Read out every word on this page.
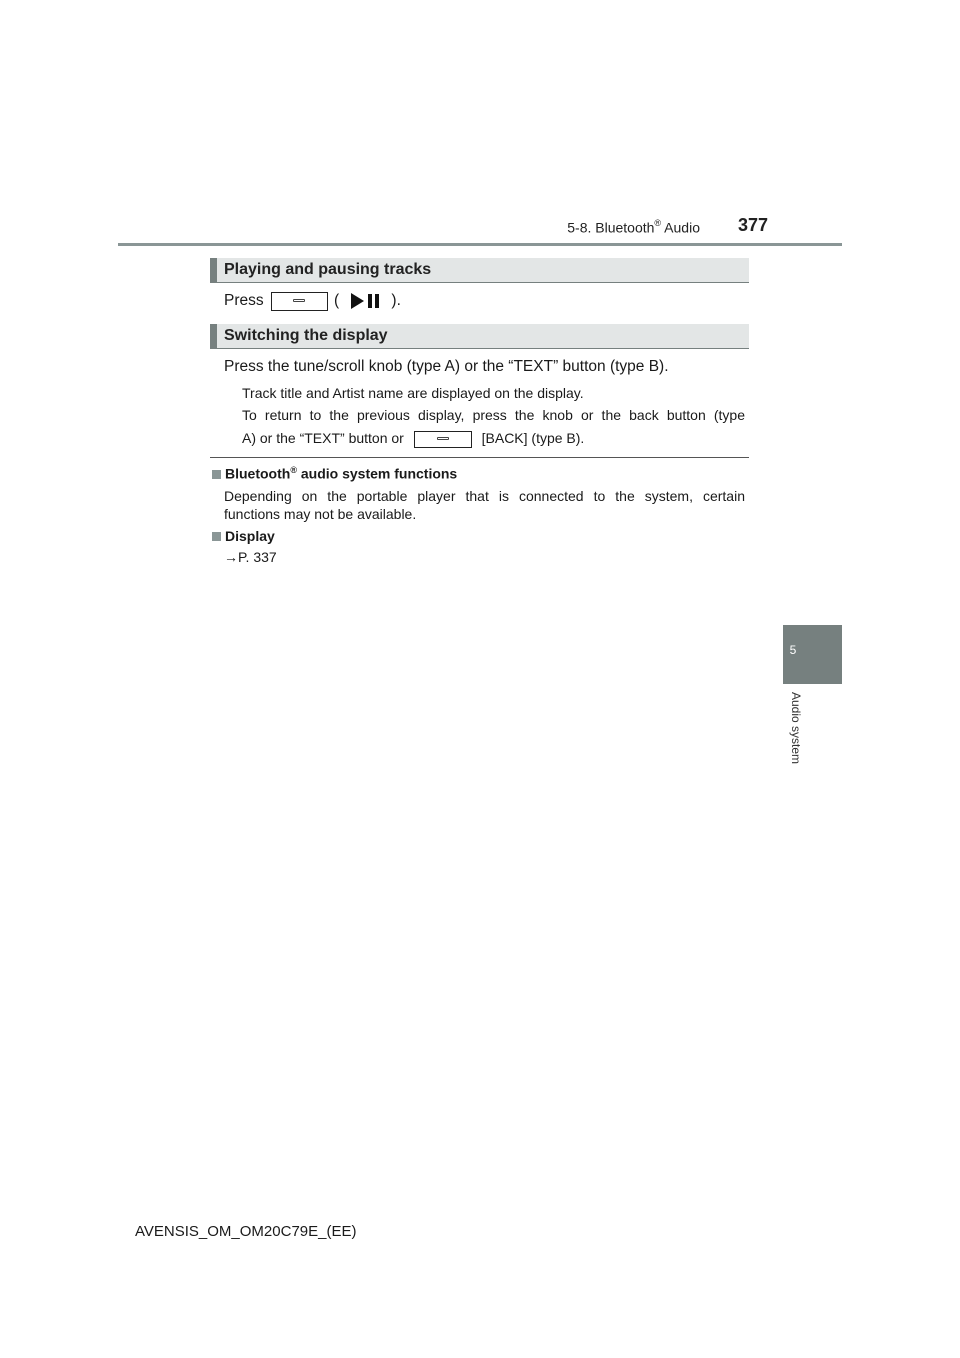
5-8. Bluetooth® Audio 377
5
Audio system
Playing and pausing tracks
Press	(	).
Switching the display
Press the tune/scroll knob (type A) or the “TEXT” button (type B).
Track title and Artist name are displayed on the display.
To return to the previous display, press the knob or the back button (type
A) or the “TEXT” button or	[BACK] (type B).
Bluetooth® audio system functions
Depending on the portable player that is connected to the system, certain
functions may not be available.
Display
→P. 337
AVENSIS_OM_OM20C79E_(EE)
